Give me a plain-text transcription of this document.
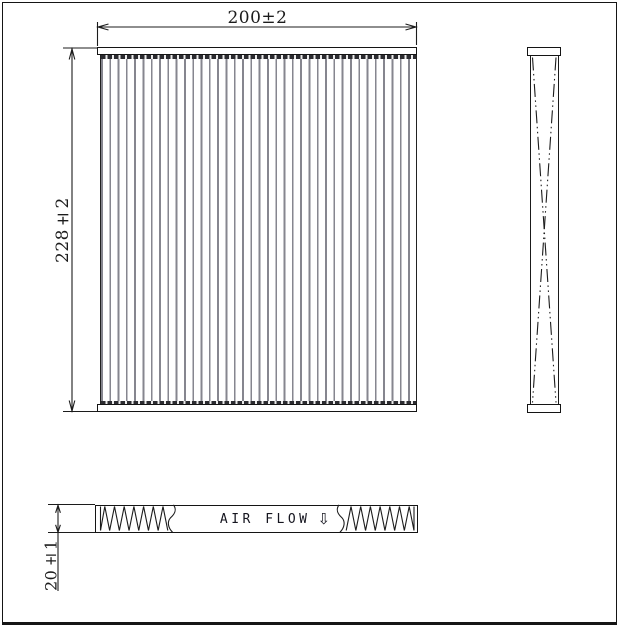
AIR FLOW ⇩
200±2
228±2
20±1
